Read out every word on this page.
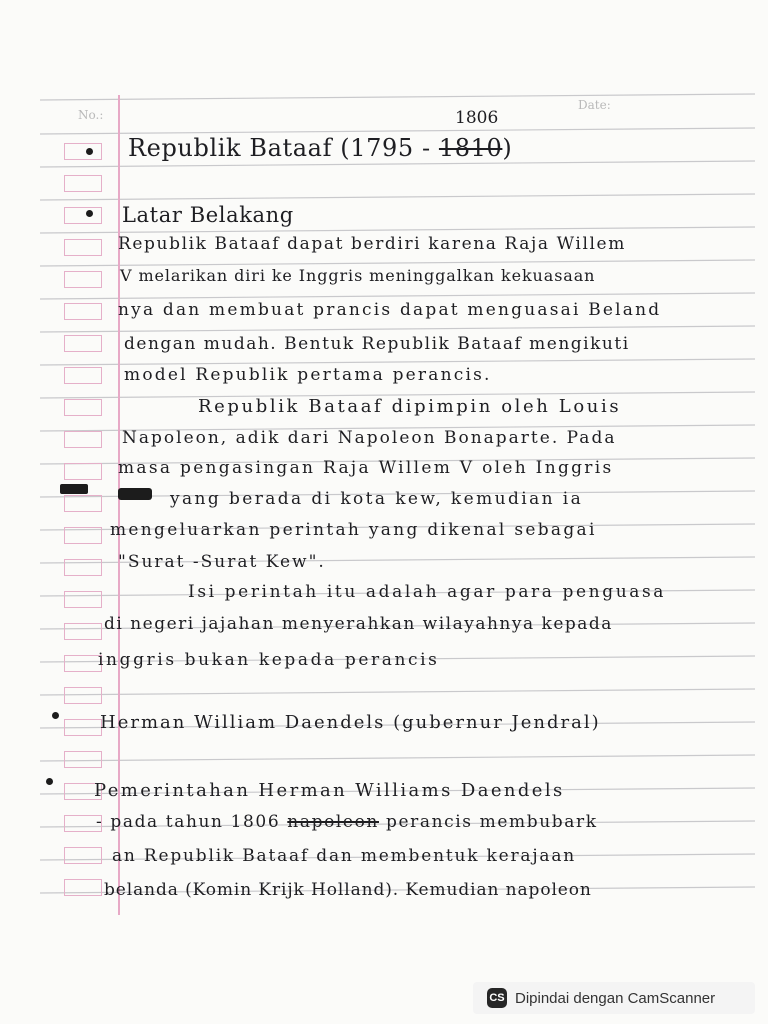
No.:
Date:
1806
Republik Bataaf (1795 - 1810)
Latar Belakang
Republik Bataaf dapat berdiri karena Raja Willem
V melarikan diri ke Inggris meninggalkan kekuasaan
nya dan membuat prancis dapat menguasai Beland
dengan mudah. Bentuk Republik Bataaf mengikuti
model Republik pertama perancis.
Republik Bataaf dipimpin oleh Louis
Napoleon, adik dari Napoleon Bonaparte. Pada
masa pengasingan Raja Willem V oleh Inggris
yang berada di kota kew, kemudian ia
mengeluarkan perintah yang dikenal sebagai
"Surat -Surat Kew".
Isi perintah itu adalah agar para penguasa
di negeri jajahan menyerahkan wilayahnya kepada
inggris bukan kepada perancis
Herman William Daendels (gubernur Jendral)
Pemerintahan Herman Williams Daendels
- pada tahun 1806 napoleon perancis membubark
an Republik Bataaf dan membentuk kerajaan
belanda (Komin Krijk Holland). Kemudian napoleon
CS Dipindai dengan CamScanner
